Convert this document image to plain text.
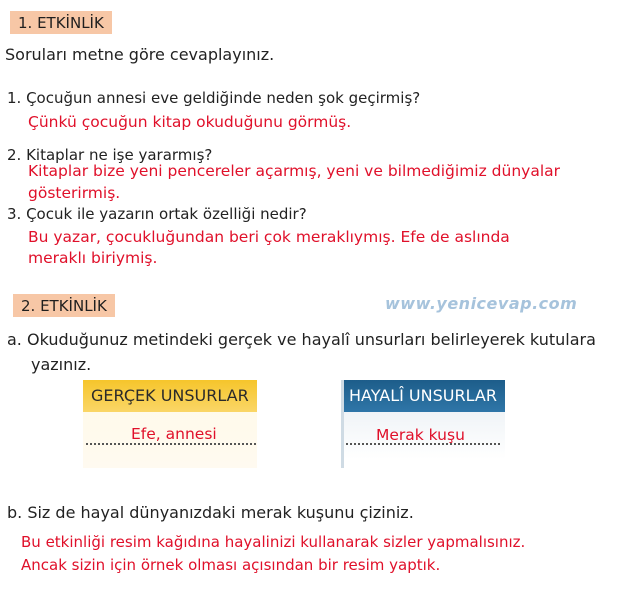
1. ETKİNLİK
Soruları metne göre cevaplayınız.
1. Çocuğun annesi eve geldiğinde neden şok geçirmiş?
Çünkü çocuğun kitap okuduğunu görmüş.
2. Kitaplar ne işe yararmış?
Kitaplar bize yeni pencereler açarmış, yeni ve bilmediğimiz dünyalar
gösterirmiş.
3. Çocuk ile yazarın ortak özelliği nedir?
Bu yazar, çocukluğundan beri çok meraklıymış. Efe de aslında
meraklı biriymiş.
2. ETKİNLİK	www.yenicevap.com
a. Okuduğunuz metindeki gerçek ve hayalî unsurları belirleyerek kutulara
yazınız.
GERÇEK UNSURLAR
Efe, annesi
HAYALÎ UNSURLAR
Merak kuşu
b. Siz de hayal dünyanızdaki merak kuşunu çiziniz.
Bu etkinliği resim kağıdına hayalinizi kullanarak sizler yapmalısınız.
Ancak sizin için örnek olması açısından bir resim yaptık.
